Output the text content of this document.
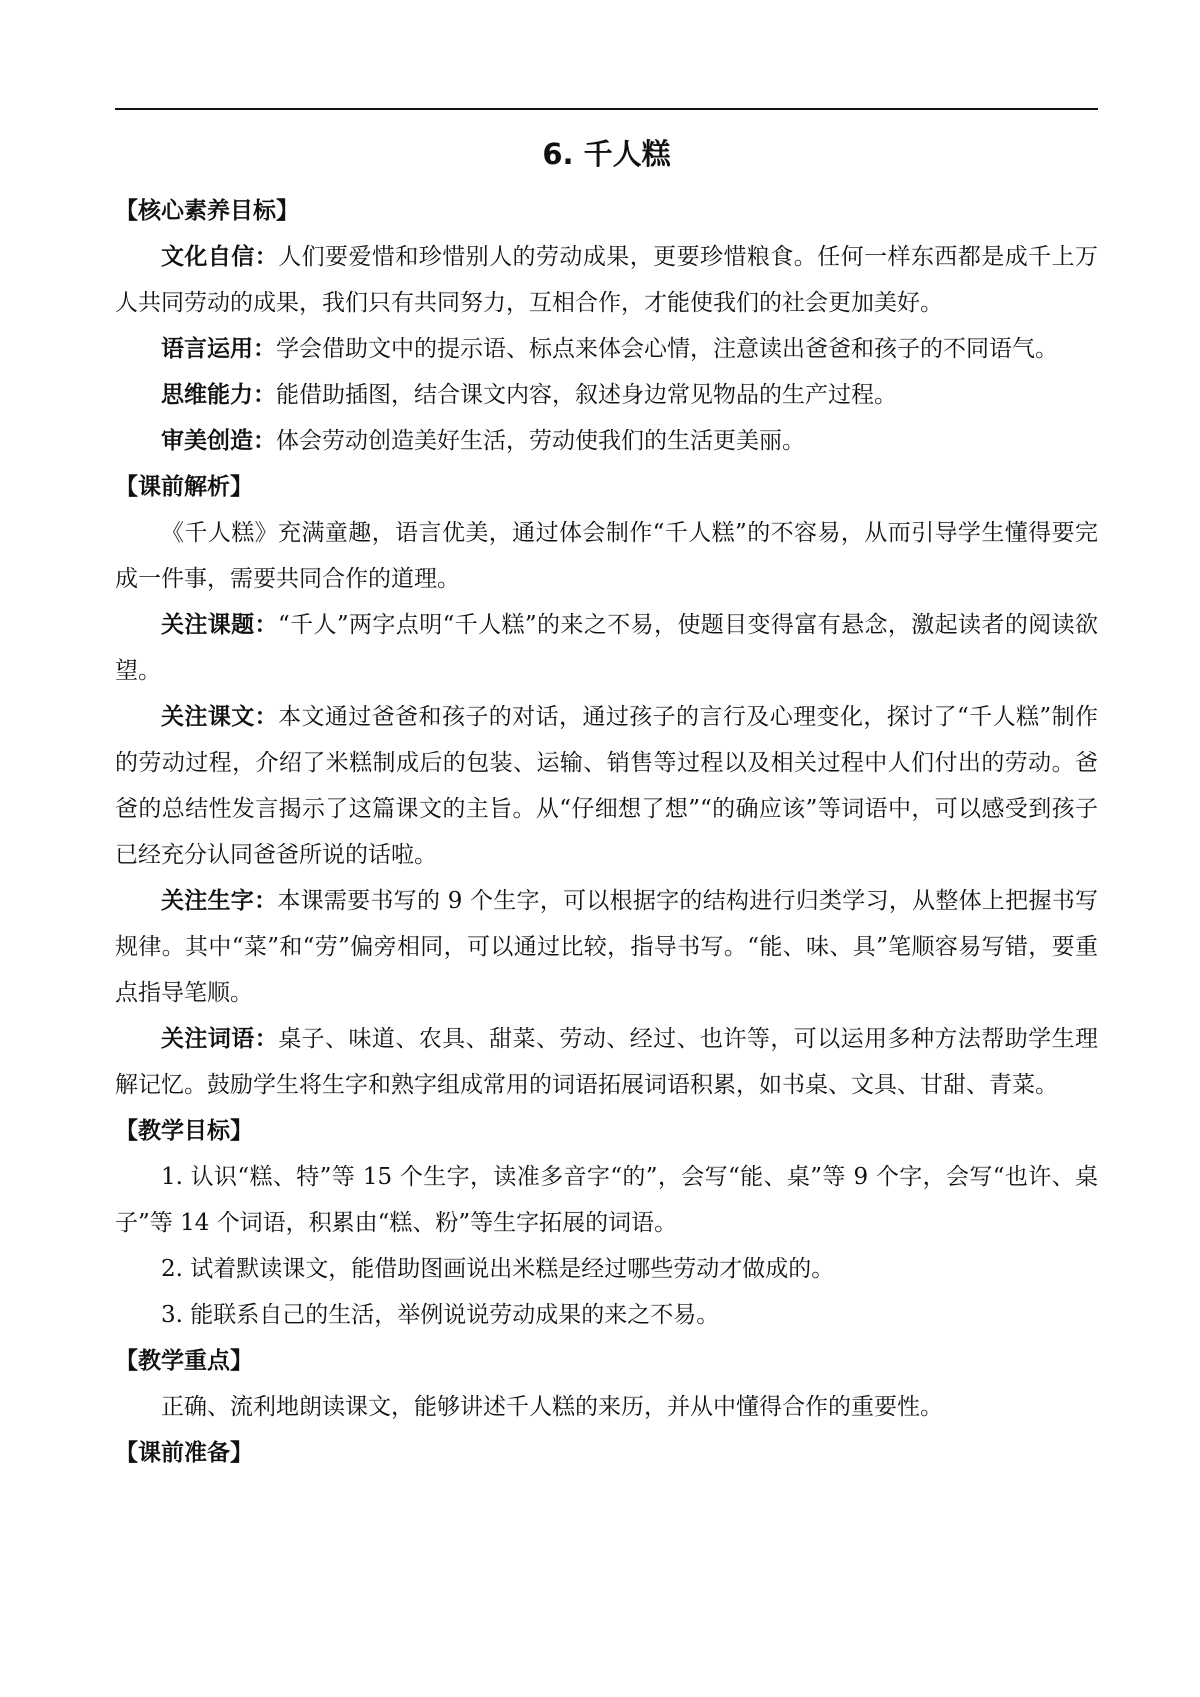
6. 千人糕
【核心素养目标】

文化自信：人们要爱惜和珍惜别人的劳动成果，更要珍惜粮食。任何一样东西都是成千上万人共同劳动的成果，我们只有共同努力，互相合作，才能使我们的社会更加美好。

语言运用：学会借助文中的提示语、标点来体会心情，注意读出爸爸和孩子的不同语气。

思维能力：能借助插图，结合课文内容，叙述身边常见物品的生产过程。

审美创造：体会劳动创造美好生活，劳动使我们的生活更美丽。

【课前解析】

《千人糕》充满童趣，语言优美，通过体会制作“千人糕”的不容易，从而引导学生懂得要完成一件事，需要共同合作的道理。

关注课题：“千人”两字点明“千人糕”的来之不易，使题目变得富有悬念，激起读者的阅读欲望。

关注课文：本文通过爸爸和孩子的对话，通过孩子的言行及心理变化，探讨了“千人糕”制作的劳动过程，介绍了米糕制成后的包装、运输、销售等过程以及相关过程中人们付出的劳动。爸爸的总结性发言揭示了这篇课文的主旨。从“仔细想了想”“的确应该”等词语中，可以感受到孩子已经充分认同爸爸所说的话啦。

关注生字：本课需要书写的 9 个生字，可以根据字的结构进行归类学习，从整体上把握书写规律。其中“菜”和“劳”偏旁相同，可以通过比较，指导书写。“能、味、具”笔顺容易写错，要重点指导笔顺。

关注词语：桌子、味道、农具、甜菜、劳动、经过、也许等，可以运用多种方法帮助学生理解记忆。鼓励学生将生字和熟字组成常用的词语拓展词语积累，如书桌、文具、甘甜、青菜。

【教学目标】

1. 认识“糕、特”等 15 个生字，读准多音字“的”，会写“能、桌”等 9 个字，会写“也许、桌子”等 14 个词语，积累由“糕、粉”等生字拓展的词语。

2. 试着默读课文，能借助图画说出米糕是经过哪些劳动才做成的。

3. 能联系自己的生活，举例说说劳动成果的来之不易。

【教学重点】

正确、流利地朗读课文，能够讲述千人糕的来历，并从中懂得合作的重要性。

【课前准备】
